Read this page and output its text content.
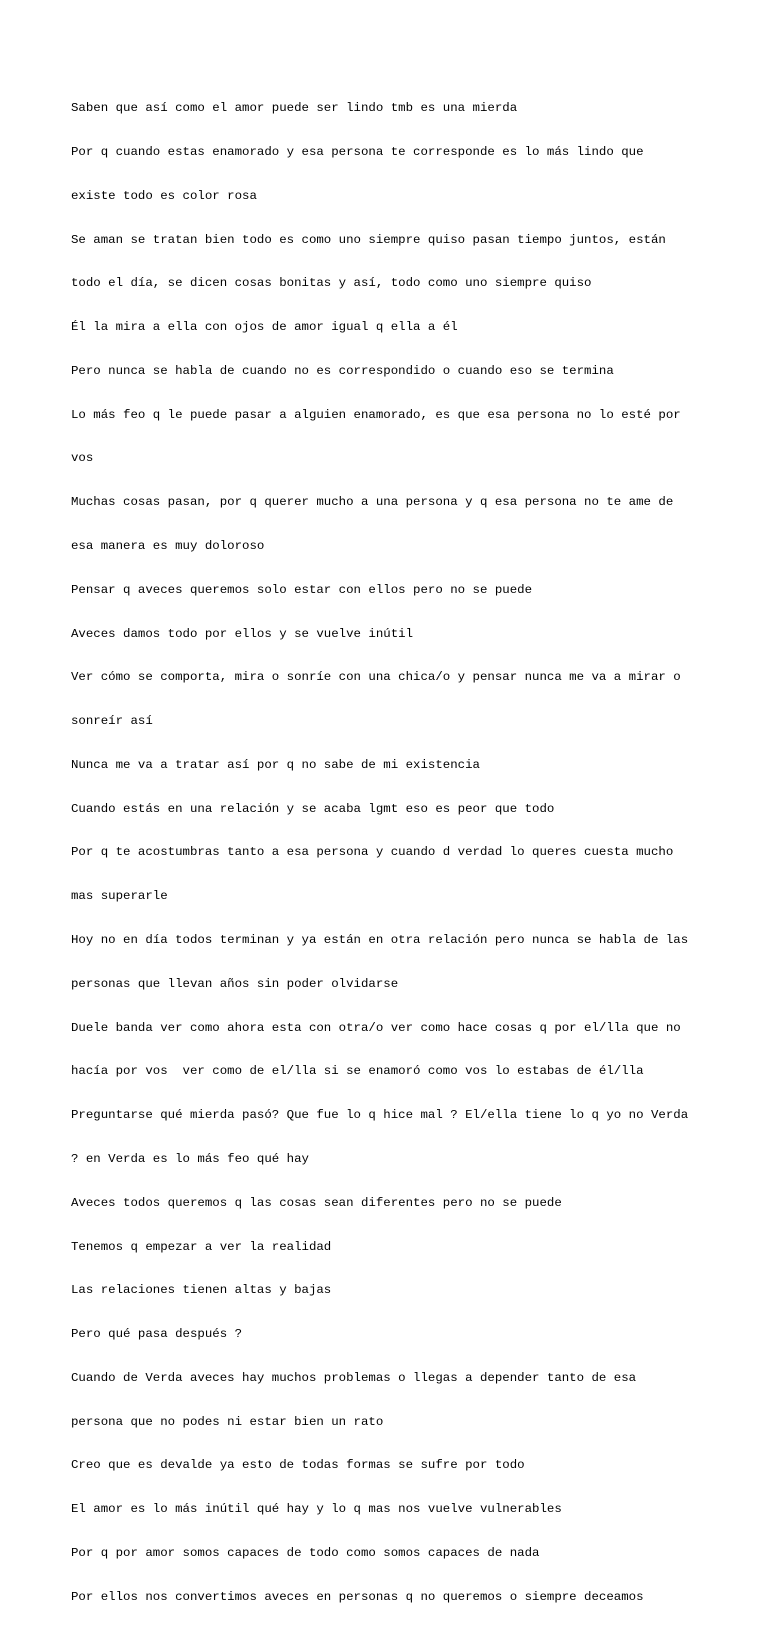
Saben que así como el amor puede ser lindo tmb es una mierda

Por q cuando estas enamorado y esa persona te corresponde es lo más lindo que

existe todo es color rosa

Se aman se tratan bien todo es como uno siempre quiso pasan tiempo juntos, están

todo el día, se dicen cosas bonitas y así, todo como uno siempre quiso

Él la mira a ella con ojos de amor igual q ella a él

Pero nunca se habla de cuando no es correspondido o cuando eso se termina

Lo más feo q le puede pasar a alguien enamorado, es que esa persona no lo esté por

vos

Muchas cosas pasan, por q querer mucho a una persona y q esa persona no te ame de

esa manera es muy doloroso

Pensar q aveces queremos solo estar con ellos pero no se puede

Aveces damos todo por ellos y se vuelve inútil

Ver cómo se comporta, mira o sonríe con una chica/o y pensar nunca me va a mirar o

sonreír así

Nunca me va a tratar así por q no sabe de mi existencia

Cuando estás en una relación y se acaba lgmt eso es peor que todo

Por q te acostumbras tanto a esa persona y cuando d verdad lo queres cuesta mucho

mas superarle

Hoy no en día todos terminan y ya están en otra relación pero nunca se habla de las

personas que llevan años sin poder olvidarse

Duele banda ver como ahora esta con otra/o ver como hace cosas q por el/lla que no

hacía por vos  ver como de el/lla si se enamoró como vos lo estabas de él/lla

Preguntarse qué mierda pasó? Que fue lo q hice mal ? El/ella tiene lo q yo no Verda

? en Verda es lo más feo qué hay

Aveces todos queremos q las cosas sean diferentes pero no se puede

Tenemos q empezar a ver la realidad

Las relaciones tienen altas y bajas

Pero qué pasa después ?

Cuando de Verda aveces hay muchos problemas o llegas a depender tanto de esa

persona que no podes ni estar bien un rato

Creo que es devalde ya esto de todas formas se sufre por todo

El amor es lo más inútil qué hay y lo q mas nos vuelve vulnerables

Por q por amor somos capaces de todo como somos capaces de nada

Por ellos nos convertimos aveces en personas q no queremos o siempre deceamos
